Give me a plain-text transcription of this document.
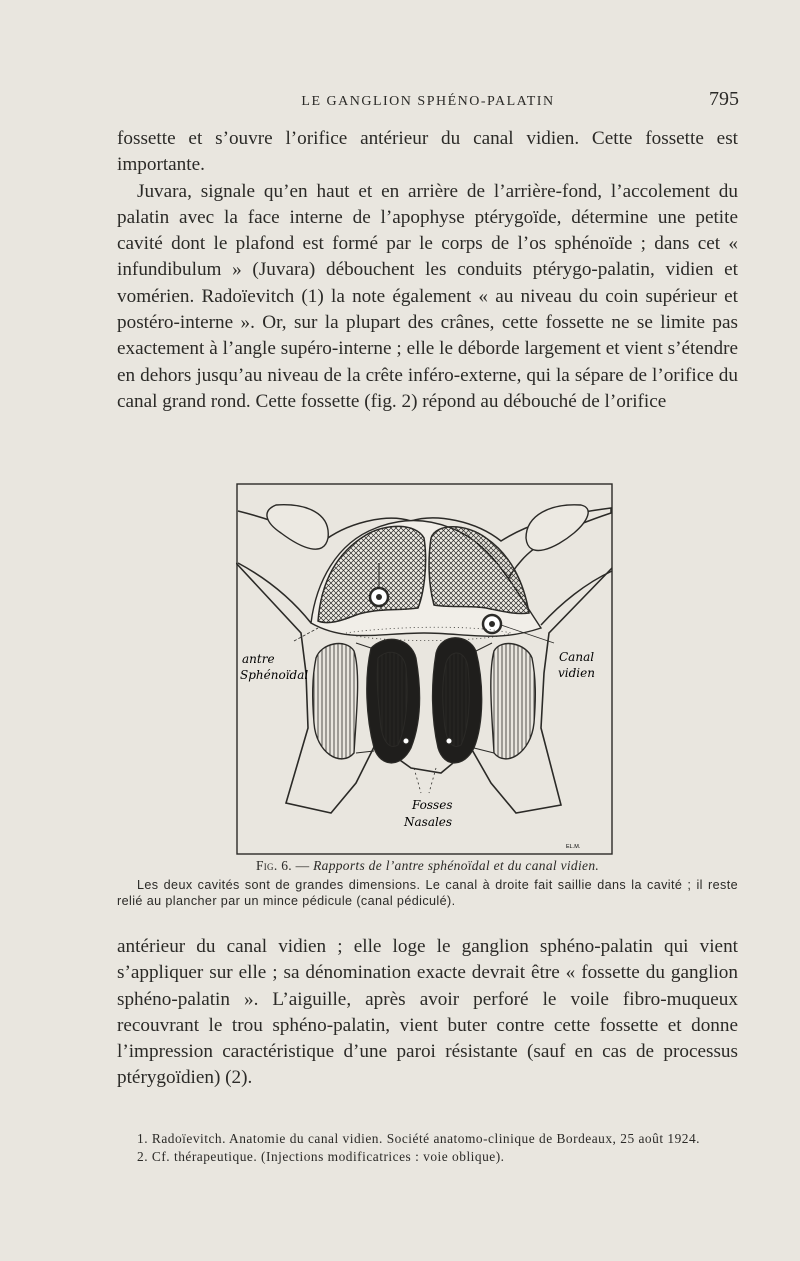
LE GANGLION SPHÉNO-PALATIN	795

fossette et s’ouvre l’orifice antérieur du canal vidien. Cette fossette est importante.

Juvara, signale qu’en haut et en arrière de l’arrière-fond, l’accolement du palatin avec la face interne de l’apophyse ptérygoïde, détermine une petite cavité dont le plafond est formé par le corps de l’os sphénoïde ; dans cet « infundibulum » (Juvara) débouchent les conduits ptérygo-palatin, vidien et vomérien. Radoïevitch (1) la note également « au niveau du coin supérieur et postéro-interne ». Or, sur la plupart des crânes, cette fossette ne se limite pas exactement à l’angle supéro-interne ; elle le déborde largement et vient s’étendre en dehors jusqu’au niveau de la crête inféro-externe, qui la sépare de l’orifice du canal grand rond. Cette fossette (fig. 2) répond au débouché de l’orifice

antre
Sphénoïdal
Canal
vidien
Fosses
Nasales
EL.M.

Fig. 6. — Rapports de l’antre sphénoïdal et du canal vidien.

Les deux cavités sont de grandes dimensions. Le canal à droite fait saillie dans la cavité ; il reste relié au plancher par un mince pédicule (canal pédiculé).

antérieur du canal vidien ; elle loge le ganglion sphéno-palatin qui vient s’appliquer sur elle ; sa dénomination exacte devrait être « fossette du ganglion sphéno-palatin ». L’aiguille, après avoir perforé le voile fibro-muqueux recouvrant le trou sphéno-palatin, vient buter contre cette fossette et donne l’impression caractéristique d’une paroi résistante (sauf en cas de processus ptérygoïdien) (2).

1. Radoïevitch. Anatomie du canal vidien. Société anatomo-clinique de Bordeaux, 25 août 1924.

2. Cf. thérapeutique. (Injections modificatrices : voie oblique).
